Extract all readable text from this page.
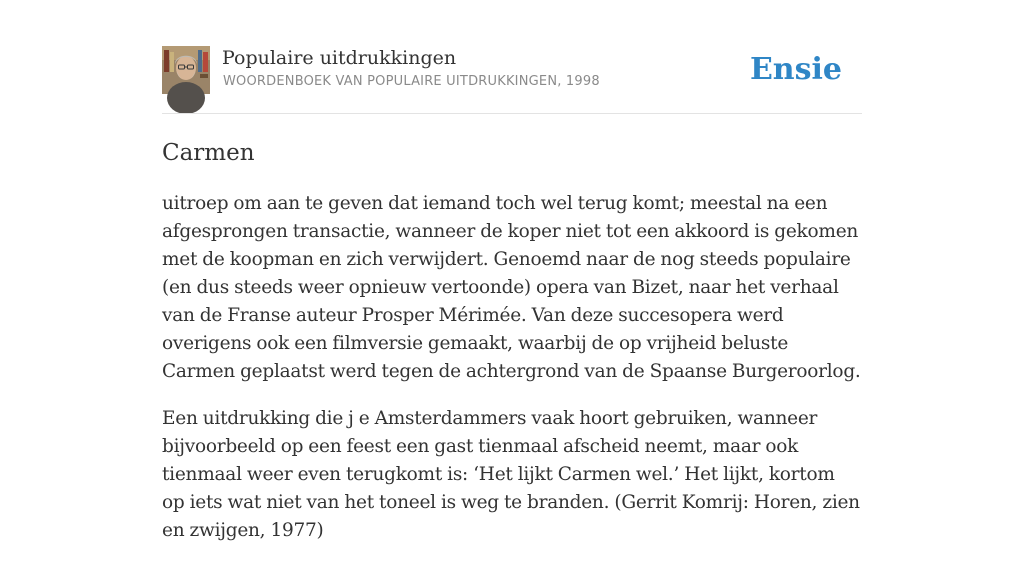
Populaire uitdrukkingen
WOORDENBOEK VAN POPULAIRE UITDRUKKINGEN, 1998	Ensie
Carmen

uitroep om aan te geven dat iemand toch wel terug komt; meestal na een afgesprongen transactie, wanneer de koper niet tot een akkoord is gekomen met de koopman en zich verwijdert. Genoemd naar de nog steeds populaire (en dus steeds weer opnieuw vertoonde) opera van Bizet, naar het verhaal van de Franse auteur Prosper Mérimée. Van deze succesopera werd overigens ook een filmversie gemaakt, waarbij de op vrijheid beluste Carmen geplaatst werd tegen de achtergrond van de Spaanse Burgeroorlog.

Een uitdrukking die j e Amsterdammers vaak hoort gebruiken, wanneer bijvoorbeeld op een feest een gast tienmaal afscheid neemt, maar ook tienmaal weer even terugkomt is: ‘Het lijkt Carmen wel.’ Het lijkt, kortom op iets wat niet van het toneel is weg te branden. (Gerrit Komrij: Horen, zien en zwijgen, 1977)
